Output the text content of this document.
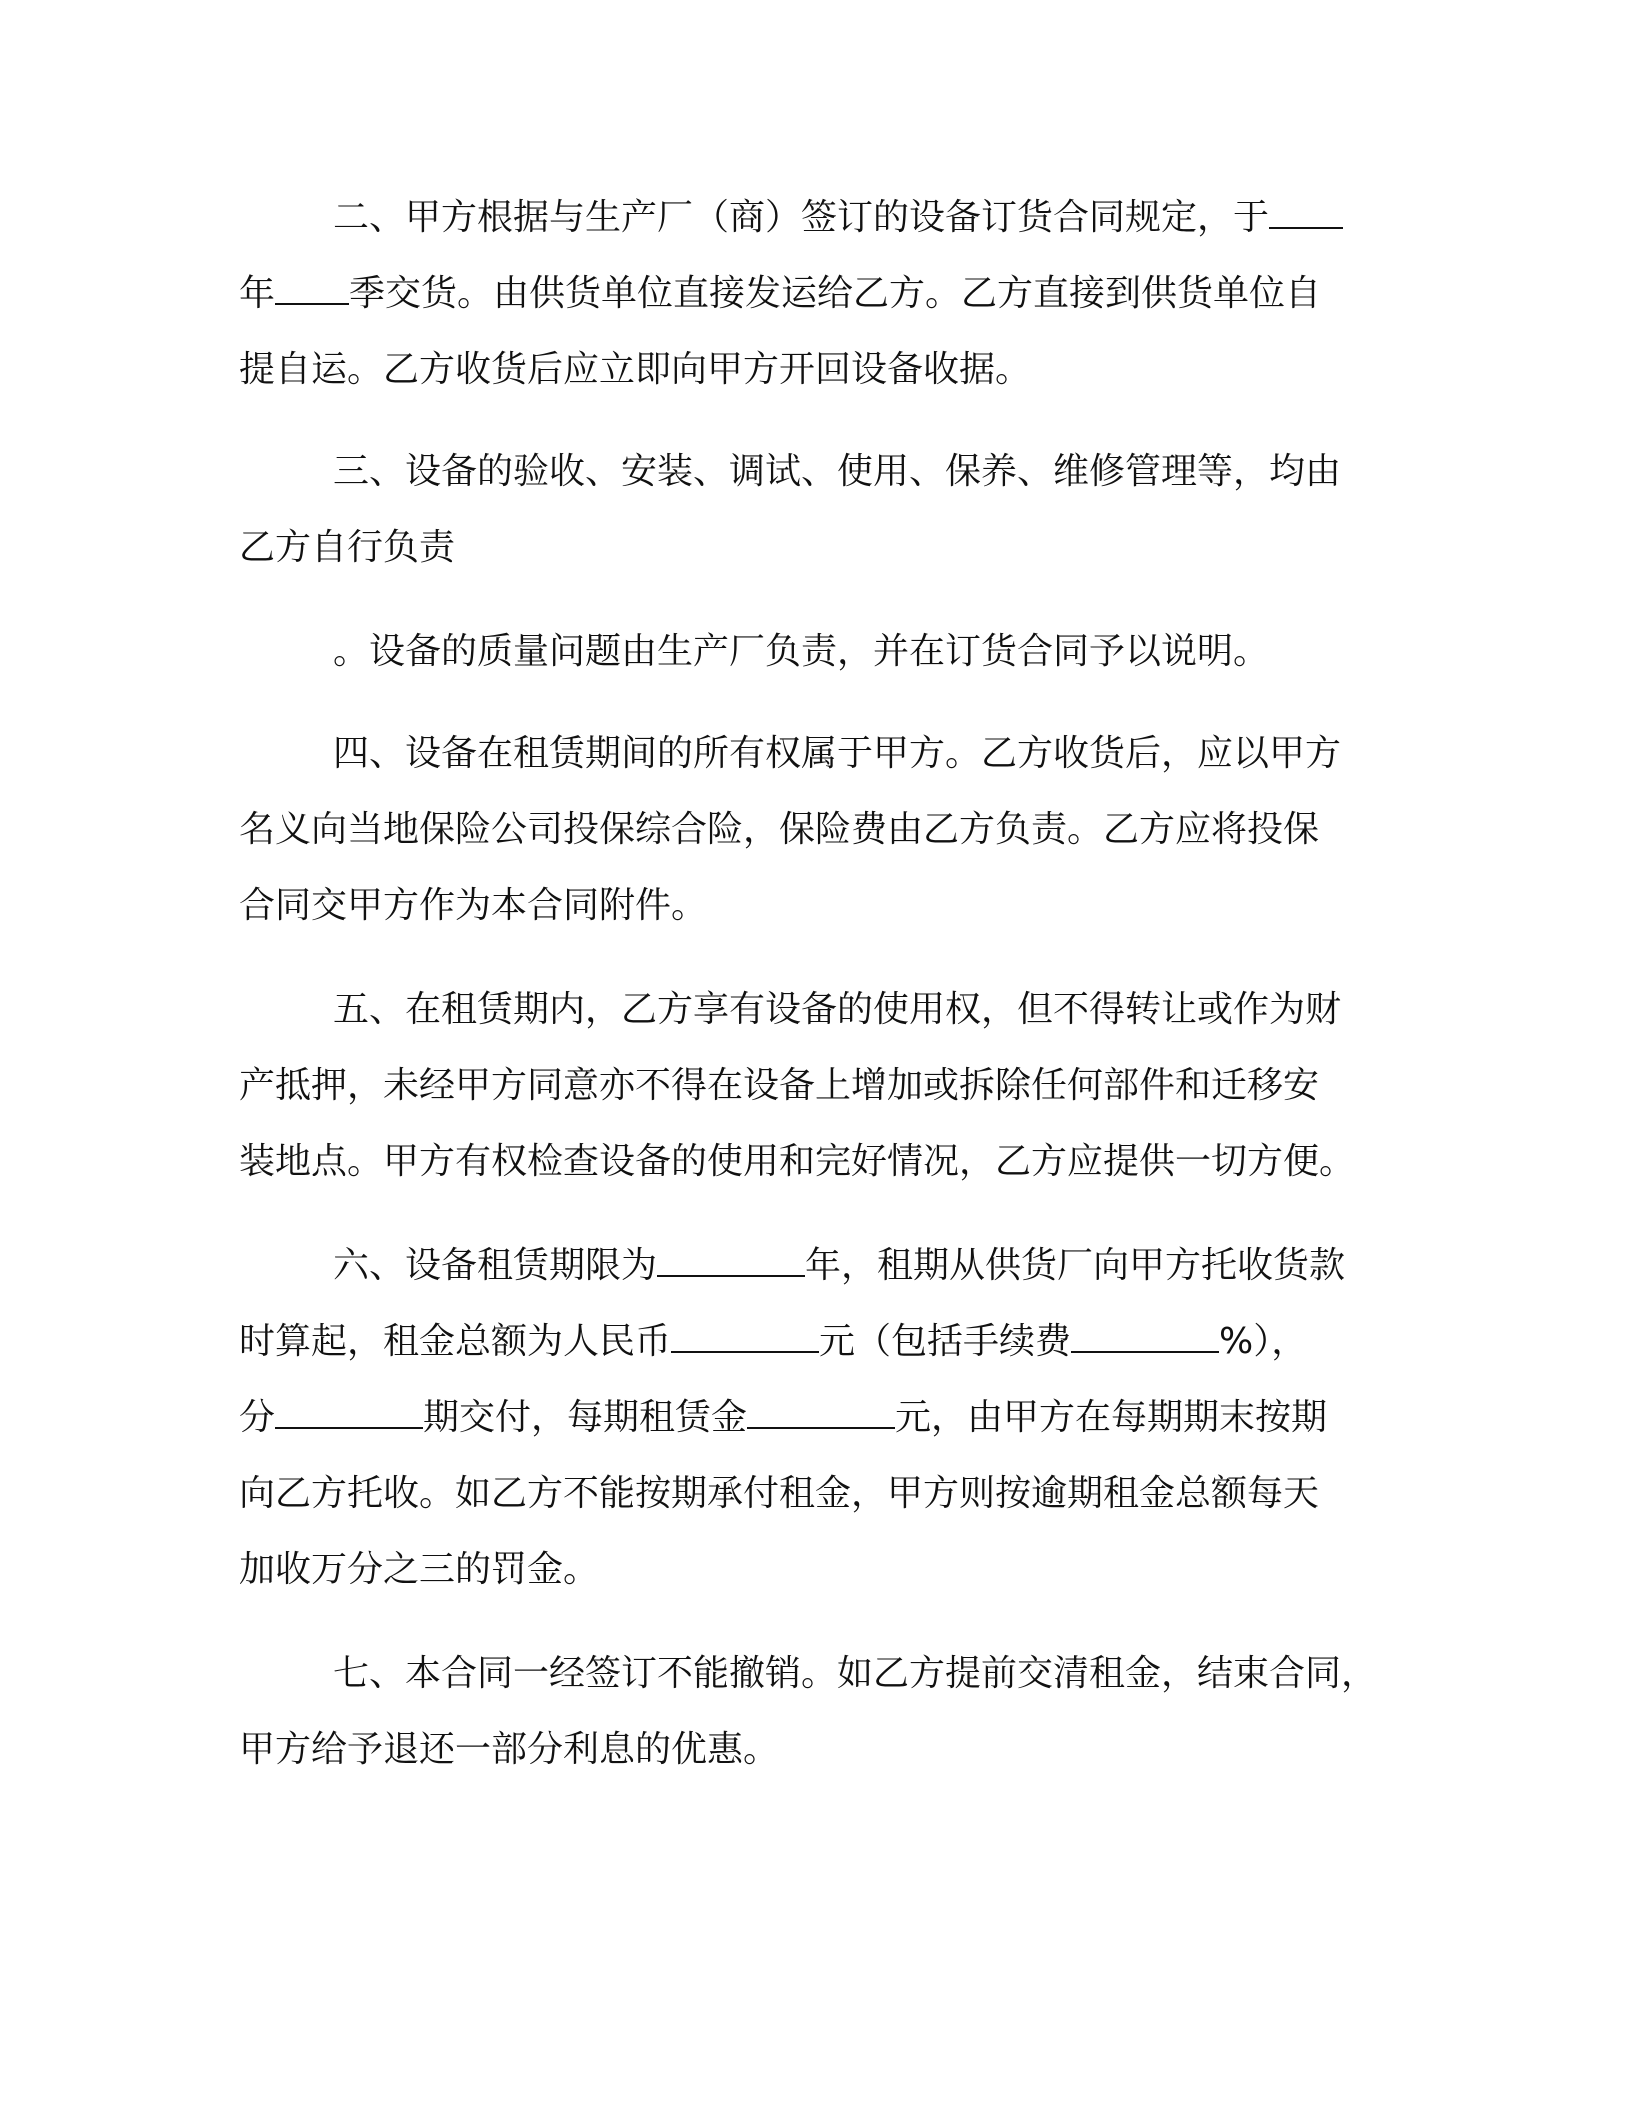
二、甲方根据与生产厂（商）签订的设备订货合同规定，于
年 季交货。由供货单位直接发运给乙方。乙方直接到供货单位自
提自运。乙方收货后应立即向甲方开回设备收据。
三、设备的验收、安装、调试、使用、保养、维修管理等，均由
乙方自行负责
。设备的质量问题由生产厂负责，并在订货合同予以说明。
四、设备在租赁期间的所有权属于甲方。乙方收货后，应以甲方
名义向当地保险公司投保综合险，保险费由乙方负责。乙方应将投保
合同交甲方作为本合同附件。
五、在租赁期内，乙方享有设备的使用权，但不得转让或作为财
产抵押，未经甲方同意亦不得在设备上增加或拆除任何部件和迁移安
装地点。甲方有权检查设备的使用和完好情况，乙方应提供一切方便。
六、设备租赁期限为	年，租期从供货厂向甲方托收货款
时算起，租金总额为人民币	元（包括手续费	%），
分	期交付，每期租赁金	元，由甲方在每期期末按期
向乙方托收。如乙方不能按期承付租金，甲方则按逾期租金总额每天
加收万分之三的罚金。
七、本合同一经签订不能撤销。如乙方提前交清租金，结束合同，
甲方给予退还一部分利息的优惠。
